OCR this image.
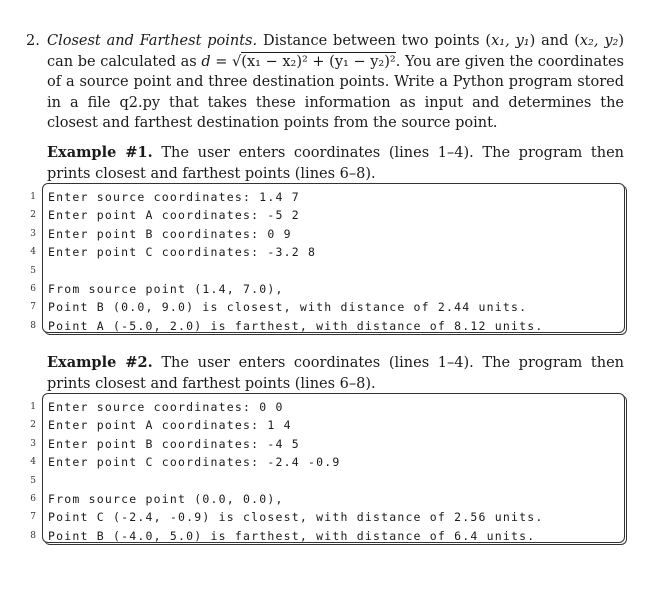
2. Closest and Farthest points. Distance between two points (x₁, y₁) and (x₂, y₂) can be calculated as d = √(x₁ − x₂)² + (y₁ − y₂)². You are given the coordinates of a source point and three destination points. Write a Python program stored in a file q2.py that takes these information as input and determines the closest and farthest destination points from the source point.
Example #1. The user enters coordinates (lines 1–4). The program then prints closest and farthest points (lines 6–8).
1 Enter source coordinates: 1.4 7
2 Enter point A coordinates: -5 2
3 Enter point B coordinates: 0 9
4 Enter point C coordinates: -3.2 8
5
6 From source point (1.4, 7.0),
7 Point B (0.0, 9.0) is closest, with distance of 2.44 units.
8 Point A (-5.0, 2.0) is farthest, with distance of 8.12 units.
Example #2. The user enters coordinates (lines 1–4). The program then prints closest and farthest points (lines 6–8).
1 Enter source coordinates: 0 0
2 Enter point A coordinates: 1 4
3 Enter point B coordinates: -4 5
4 Enter point C coordinates: -2.4 -0.9
5
6 From source point (0.0, 0.0),
7 Point C (-2.4, -0.9) is closest, with distance of 2.56 units.
8 Point B (-4.0, 5.0) is farthest, with distance of 6.4 units.
